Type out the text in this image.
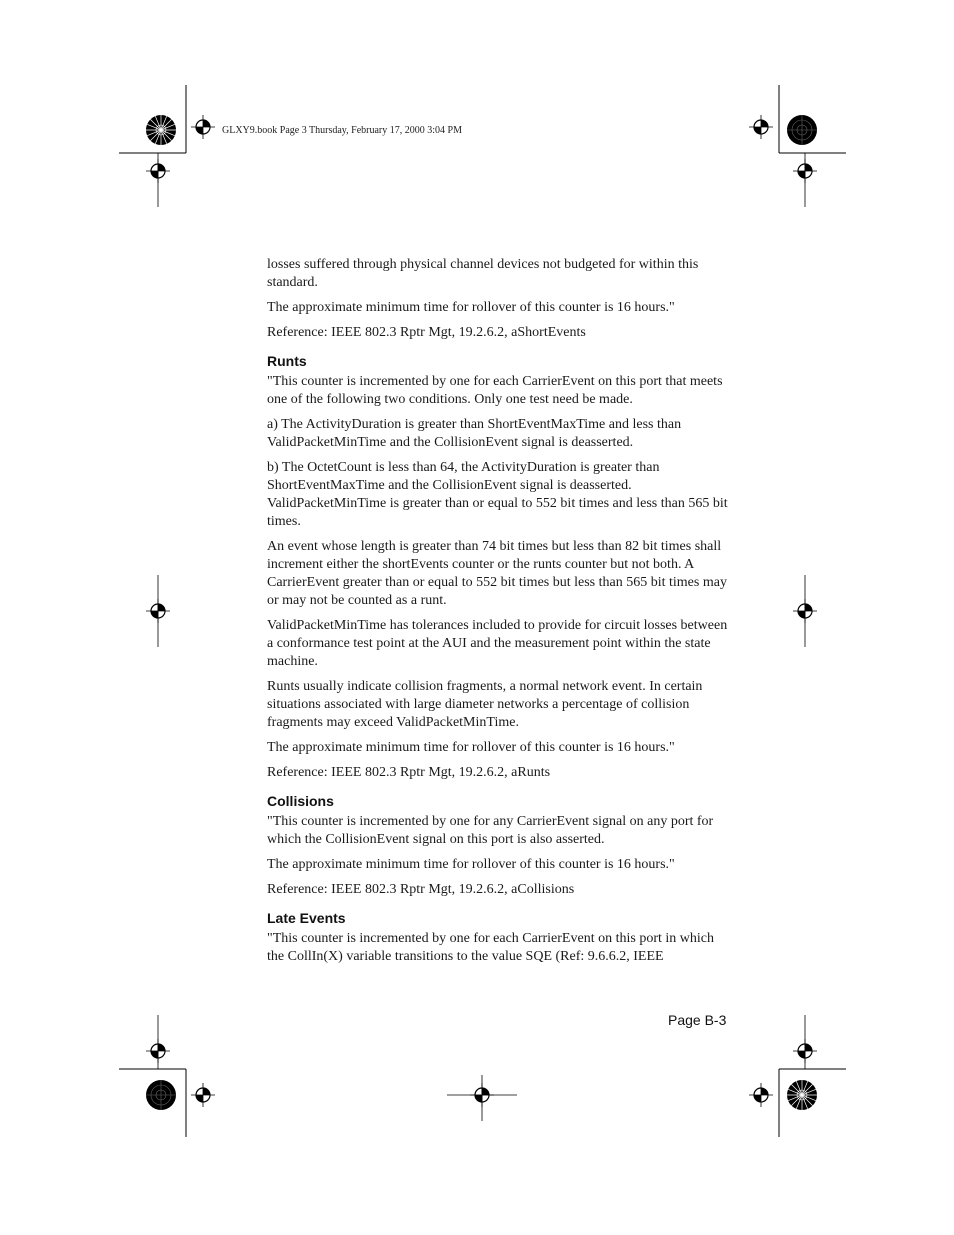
GLXY9.book Page 3 Thursday, February 17, 2000 3:04 PM

losses suffered through physical channel devices not budgeted for within this standard.

The approximate minimum time for rollover of this counter is 16 hours."

Reference: IEEE 802.3 Rptr Mgt, 19.2.6.2, aShortEvents

Runts

"This counter is incremented by one for each CarrierEvent on this port that meets one of the following two conditions. Only one test need be made.

a) The ActivityDuration is greater than ShortEventMaxTime and less than ValidPacketMinTime and the CollisionEvent signal is deasserted.

b) The OctetCount is less than 64, the ActivityDuration is greater than ShortEventMaxTime and the CollisionEvent signal is deasserted. ValidPacketMinTime is greater than or equal to 552 bit times and less than 565 bit times.

An event whose length is greater than 74 bit times but less than 82 bit times shall increment either the shortEvents counter or the runts counter but not both. A CarrierEvent greater than or equal to 552 bit times but less than 565 bit times may or may not be counted as a runt.

ValidPacketMinTime has tolerances included to provide for circuit losses between a conformance test point at the AUI and the measurement point within the state machine.

Runts usually indicate collision fragments, a normal network event. In certain situations associated with large diameter networks a percentage of collision fragments may exceed ValidPacketMinTime.

The approximate minimum time for rollover of this counter is 16 hours."

Reference: IEEE 802.3 Rptr Mgt, 19.2.6.2, aRunts

Collisions

"This counter is incremented by one for any CarrierEvent signal on any port for which the CollisionEvent signal on this port is also asserted.

The approximate minimum time for rollover of this counter is 16 hours."

Reference: IEEE 802.3 Rptr Mgt, 19.2.6.2, aCollisions

Late Events

"This counter is incremented by one for each CarrierEvent on this port in which the CollIn(X) variable transitions to the value SQE (Ref: 9.6.6.2, IEEE

Page B-3
